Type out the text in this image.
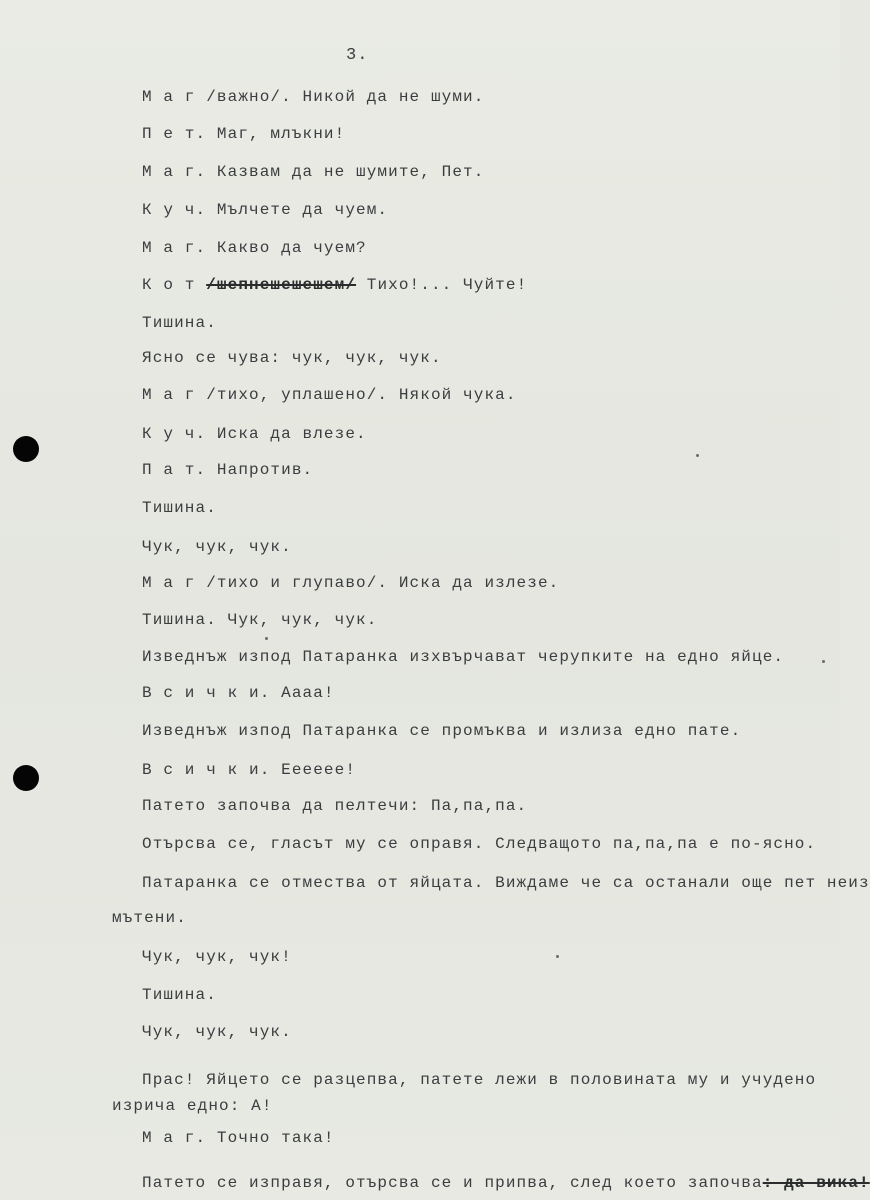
3.
М а г /важно/. Никой да не шуми.
П е т. Маг, млъкни!
М а г. Казвам да не шумите, Пет.
К у ч. Мълчете да чуем.
М а г. Какво да чуем?
К о т /шепнешешешем/ Тихо!... Чуйте!
Тишина.
Ясно се чува: чук, чук, чук.
М а г /тихо, уплашено/. Някой чука.
К у ч. Иска да влезе.
П а т. Напротив.
Тишина.
Чук, чук, чук.
М а г /тихо и глупаво/. Иска да излезе.
Тишина. Чук, чук, чук.
Изведнъж изпод Патаранка изхвърчават черупките на едно яйце.
В с и ч к и. Аааа!
Изведнъж изпод Патаранка се промъква и излиза едно пате.
В с и ч к и. Ееееее!
Патето започва да пелтечи: Па,па,па.
Отърсва се, гласът му се оправя. Следващото па,па,па е по-ясно.
Патаранка се отмества от яйцата. Виждаме че са останали още пет неиз
мътени.
Чук, чук, чук!
Тишина.
Чук, чук, чук.
Прас! Яйцето се разцепва, патете лежи в половината му и учудено
изрича едно: А!
М а г. Точно така!
Патето се изправя, отърсва се и припва, след което започва: да вика!
